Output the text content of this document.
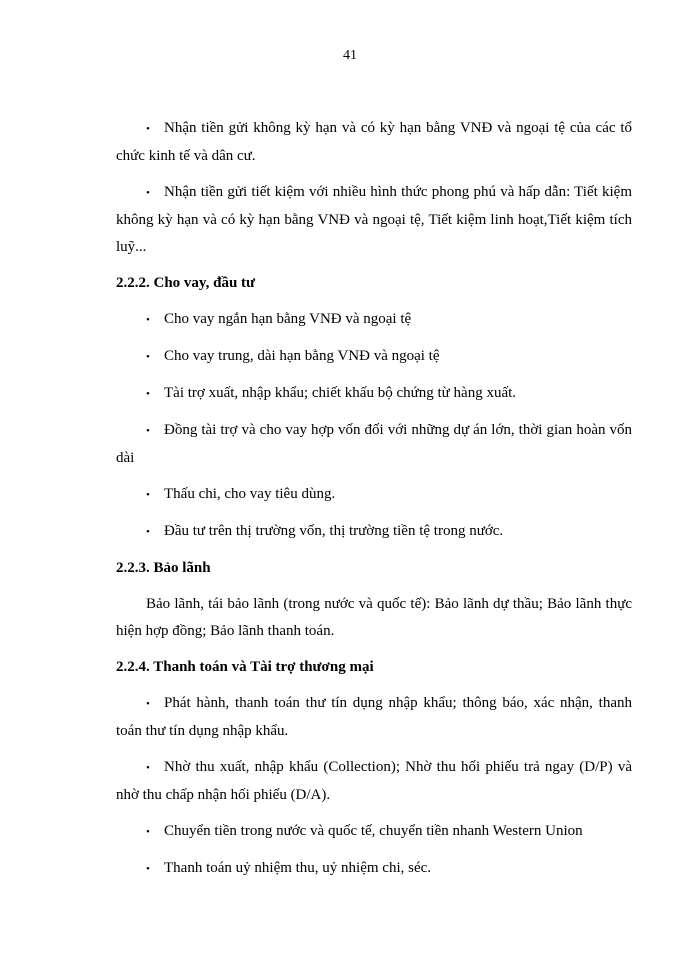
41

• Nhận tiền gửi không kỳ hạn và có kỳ hạn bằng VNĐ và ngoại tệ của các tổ chức kinh tế và dân cư.

• Nhận tiền gửi tiết kiệm với nhiều hình thức phong phú và hấp dẫn: Tiết kiệm không kỳ hạn và có kỳ hạn bằng VNĐ và ngoại tệ, Tiết kiệm linh hoạt,Tiết kiệm tích luỹ...

2.2.2. Cho vay, đầu tư

• Cho vay ngắn hạn bằng VNĐ và ngoại tệ

• Cho vay trung, dài hạn bằng VNĐ và ngoại tệ

• Tài trợ xuất, nhập khẩu; chiết khấu bộ chứng từ hàng xuất.

• Đồng tài trợ và cho vay hợp vốn đối với những dự án lớn, thời gian hoàn vốn dài

• Thấu chi, cho vay tiêu dùng.

• Đầu tư trên thị trường vốn, thị trường tiền tệ trong nước.

2.2.3. Bảo lãnh

Bảo lãnh, tái bảo lãnh (trong nước và quốc tế): Bảo lãnh dự thầu; Bảo lãnh thực hiện hợp đồng; Bảo lãnh thanh toán.

2.2.4. Thanh toán và Tài trợ thương mại

• Phát hành, thanh toán thư tín dụng nhập khẩu; thông báo, xác nhận, thanh toán thư tín dụng nhập khẩu.

• Nhờ thu xuất, nhập khẩu (Collection); Nhờ thu hối phiếu trả ngay (D/P) và nhờ thu chấp nhận hối phiếu (D/A).

• Chuyển tiền trong nước và quốc tế, chuyển tiền nhanh Western Union

• Thanh toán uỷ nhiệm thu, uỷ nhiệm chi, séc.
